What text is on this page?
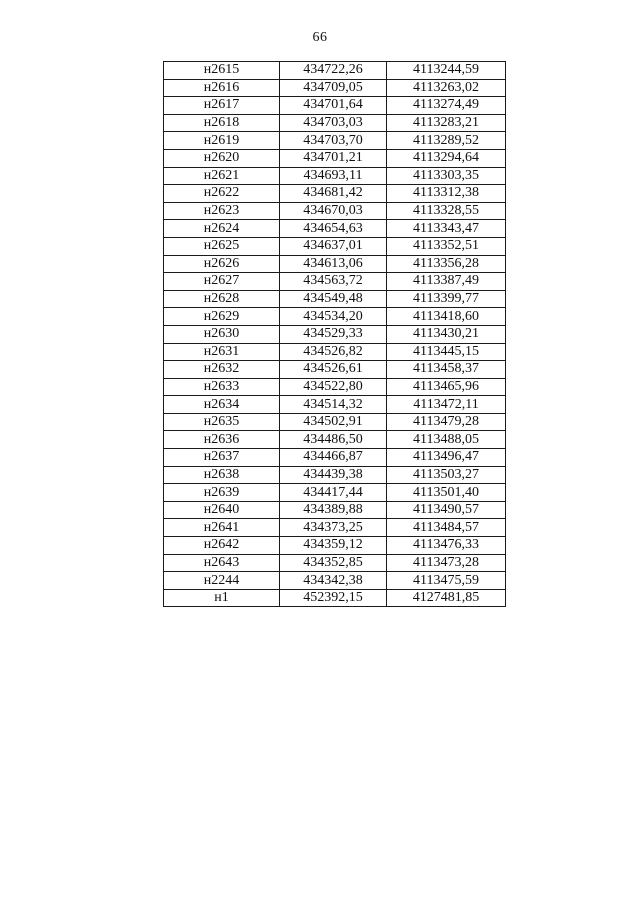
66
н2615	434722,26	4113244,59
н2616	434709,05	4113263,02
н2617	434701,64	4113274,49
н2618	434703,03	4113283,21
н2619	434703,70	4113289,52
н2620	434701,21	4113294,64
н2621	434693,11	4113303,35
н2622	434681,42	4113312,38
н2623	434670,03	4113328,55
н2624	434654,63	4113343,47
н2625	434637,01	4113352,51
н2626	434613,06	4113356,28
н2627	434563,72	4113387,49
н2628	434549,48	4113399,77
н2629	434534,20	4113418,60
н2630	434529,33	4113430,21
н2631	434526,82	4113445,15
н2632	434526,61	4113458,37
н2633	434522,80	4113465,96
н2634	434514,32	4113472,11
н2635	434502,91	4113479,28
н2636	434486,50	4113488,05
н2637	434466,87	4113496,47
н2638	434439,38	4113503,27
н2639	434417,44	4113501,40
н2640	434389,88	4113490,57
н2641	434373,25	4113484,57
н2642	434359,12	4113476,33
н2643	434352,85	4113473,28
н2244	434342,38	4113475,59
н1	452392,15	4127481,85
